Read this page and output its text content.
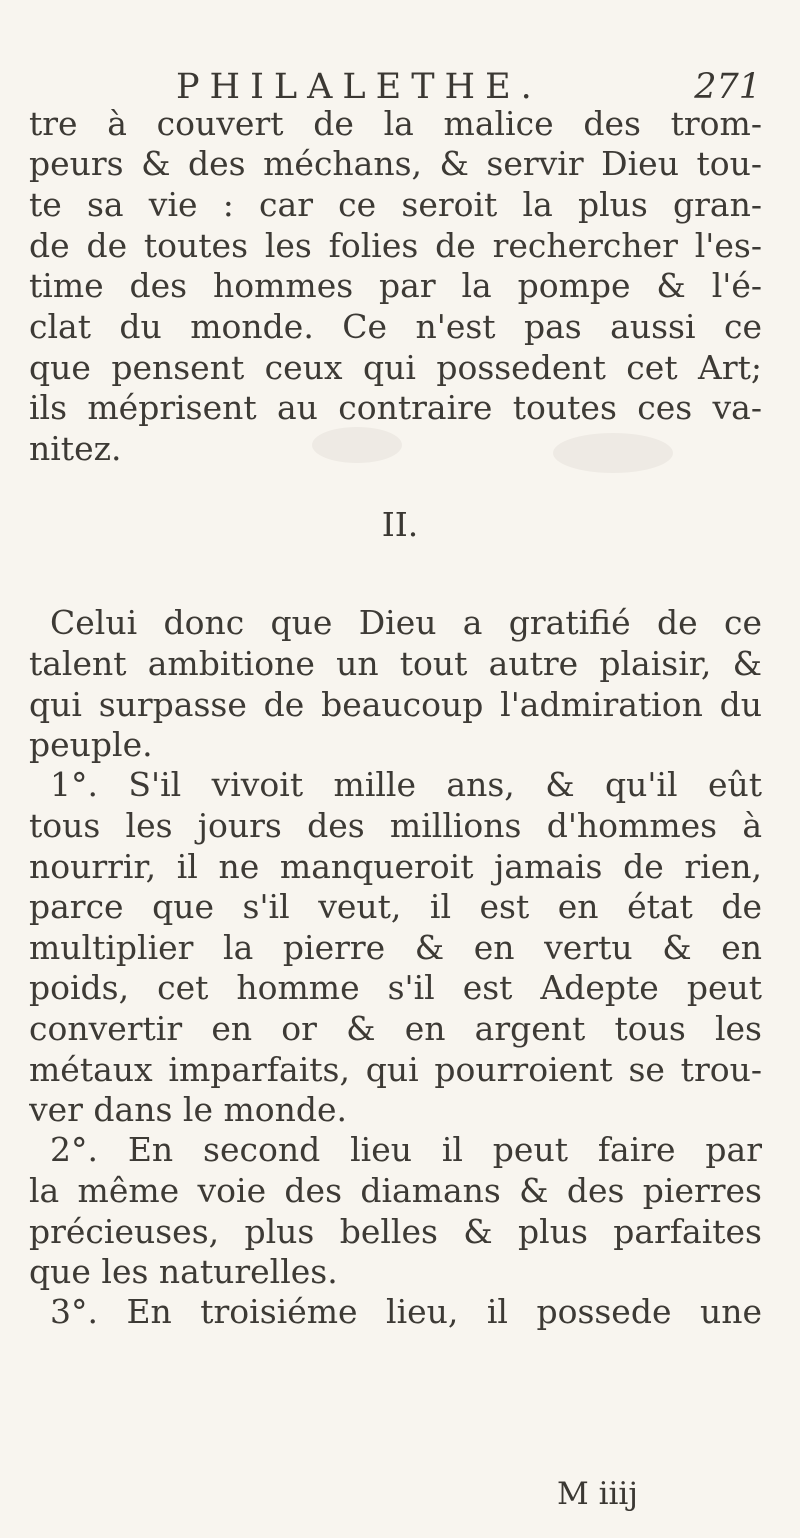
PHILALETHE.	271
tre à couvert de la malice des trom-
peurs & des méchans, & servir Dieu tou-
te sa vie : car ce seroit la plus gran-
de de toutes les folies de rechercher l'es-
time des hommes par la pompe & l'é-
clat du monde. Ce n'est pas aussi ce
que pensent ceux qui possedent cet Art;
ils méprisent au contraire toutes ces va-
nitez.
II.
Celui donc que Dieu a gratifié de ce
talent ambitione un tout autre plaisir, &
qui surpasse de beaucoup l'admiration du
peuple.
1°. S'il vivoit mille ans, & qu'il eût
tous les jours des millions d'hommes à
nourrir, il ne manqueroit jamais de rien,
parce que s'il veut, il est en état de
multiplier la pierre & en vertu & en
poids, cet homme s'il est Adepte peut
convertir en or & en argent tous les
métaux imparfaits, qui pourroient se trou-
ver dans le monde.
2°. En second lieu il peut faire par
la même voie des diamans & des pierres
précieuses, plus belles & plus parfaites
que les naturelles.
3°. En troisiéme lieu, il possede une
M iiij
